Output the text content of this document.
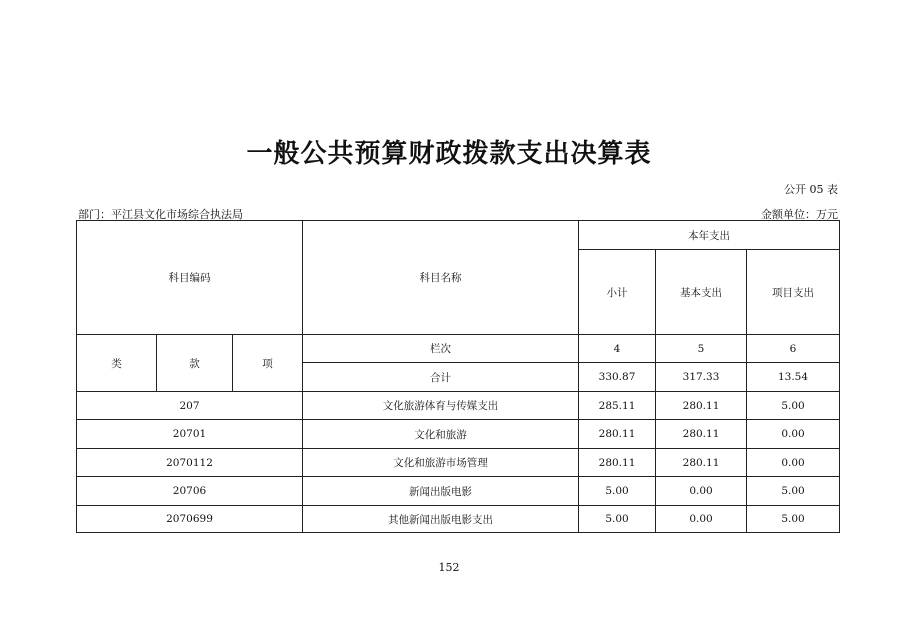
一般公共预算财政拨款支出决算表
公开 05 表
部门：平江县文化市场综合执法局	金额单位：万元
科目编码			科目名称	本年支出		
				小计	基本支出	项目支出
类	款	项	栏次	4	5	6
			合计	330.87	317.33	13.54
207			文化旅游体育与传媒支出	285.11	280.11	5.00
20701			文化和旅游	280.11	280.11	0.00
2070112			文化和旅游市场管理	280.11	280.11	0.00
20706			新闻出版电影	5.00	0.00	5.00
2070699			其他新闻出版电影支出	5.00	0.00	5.00
152
